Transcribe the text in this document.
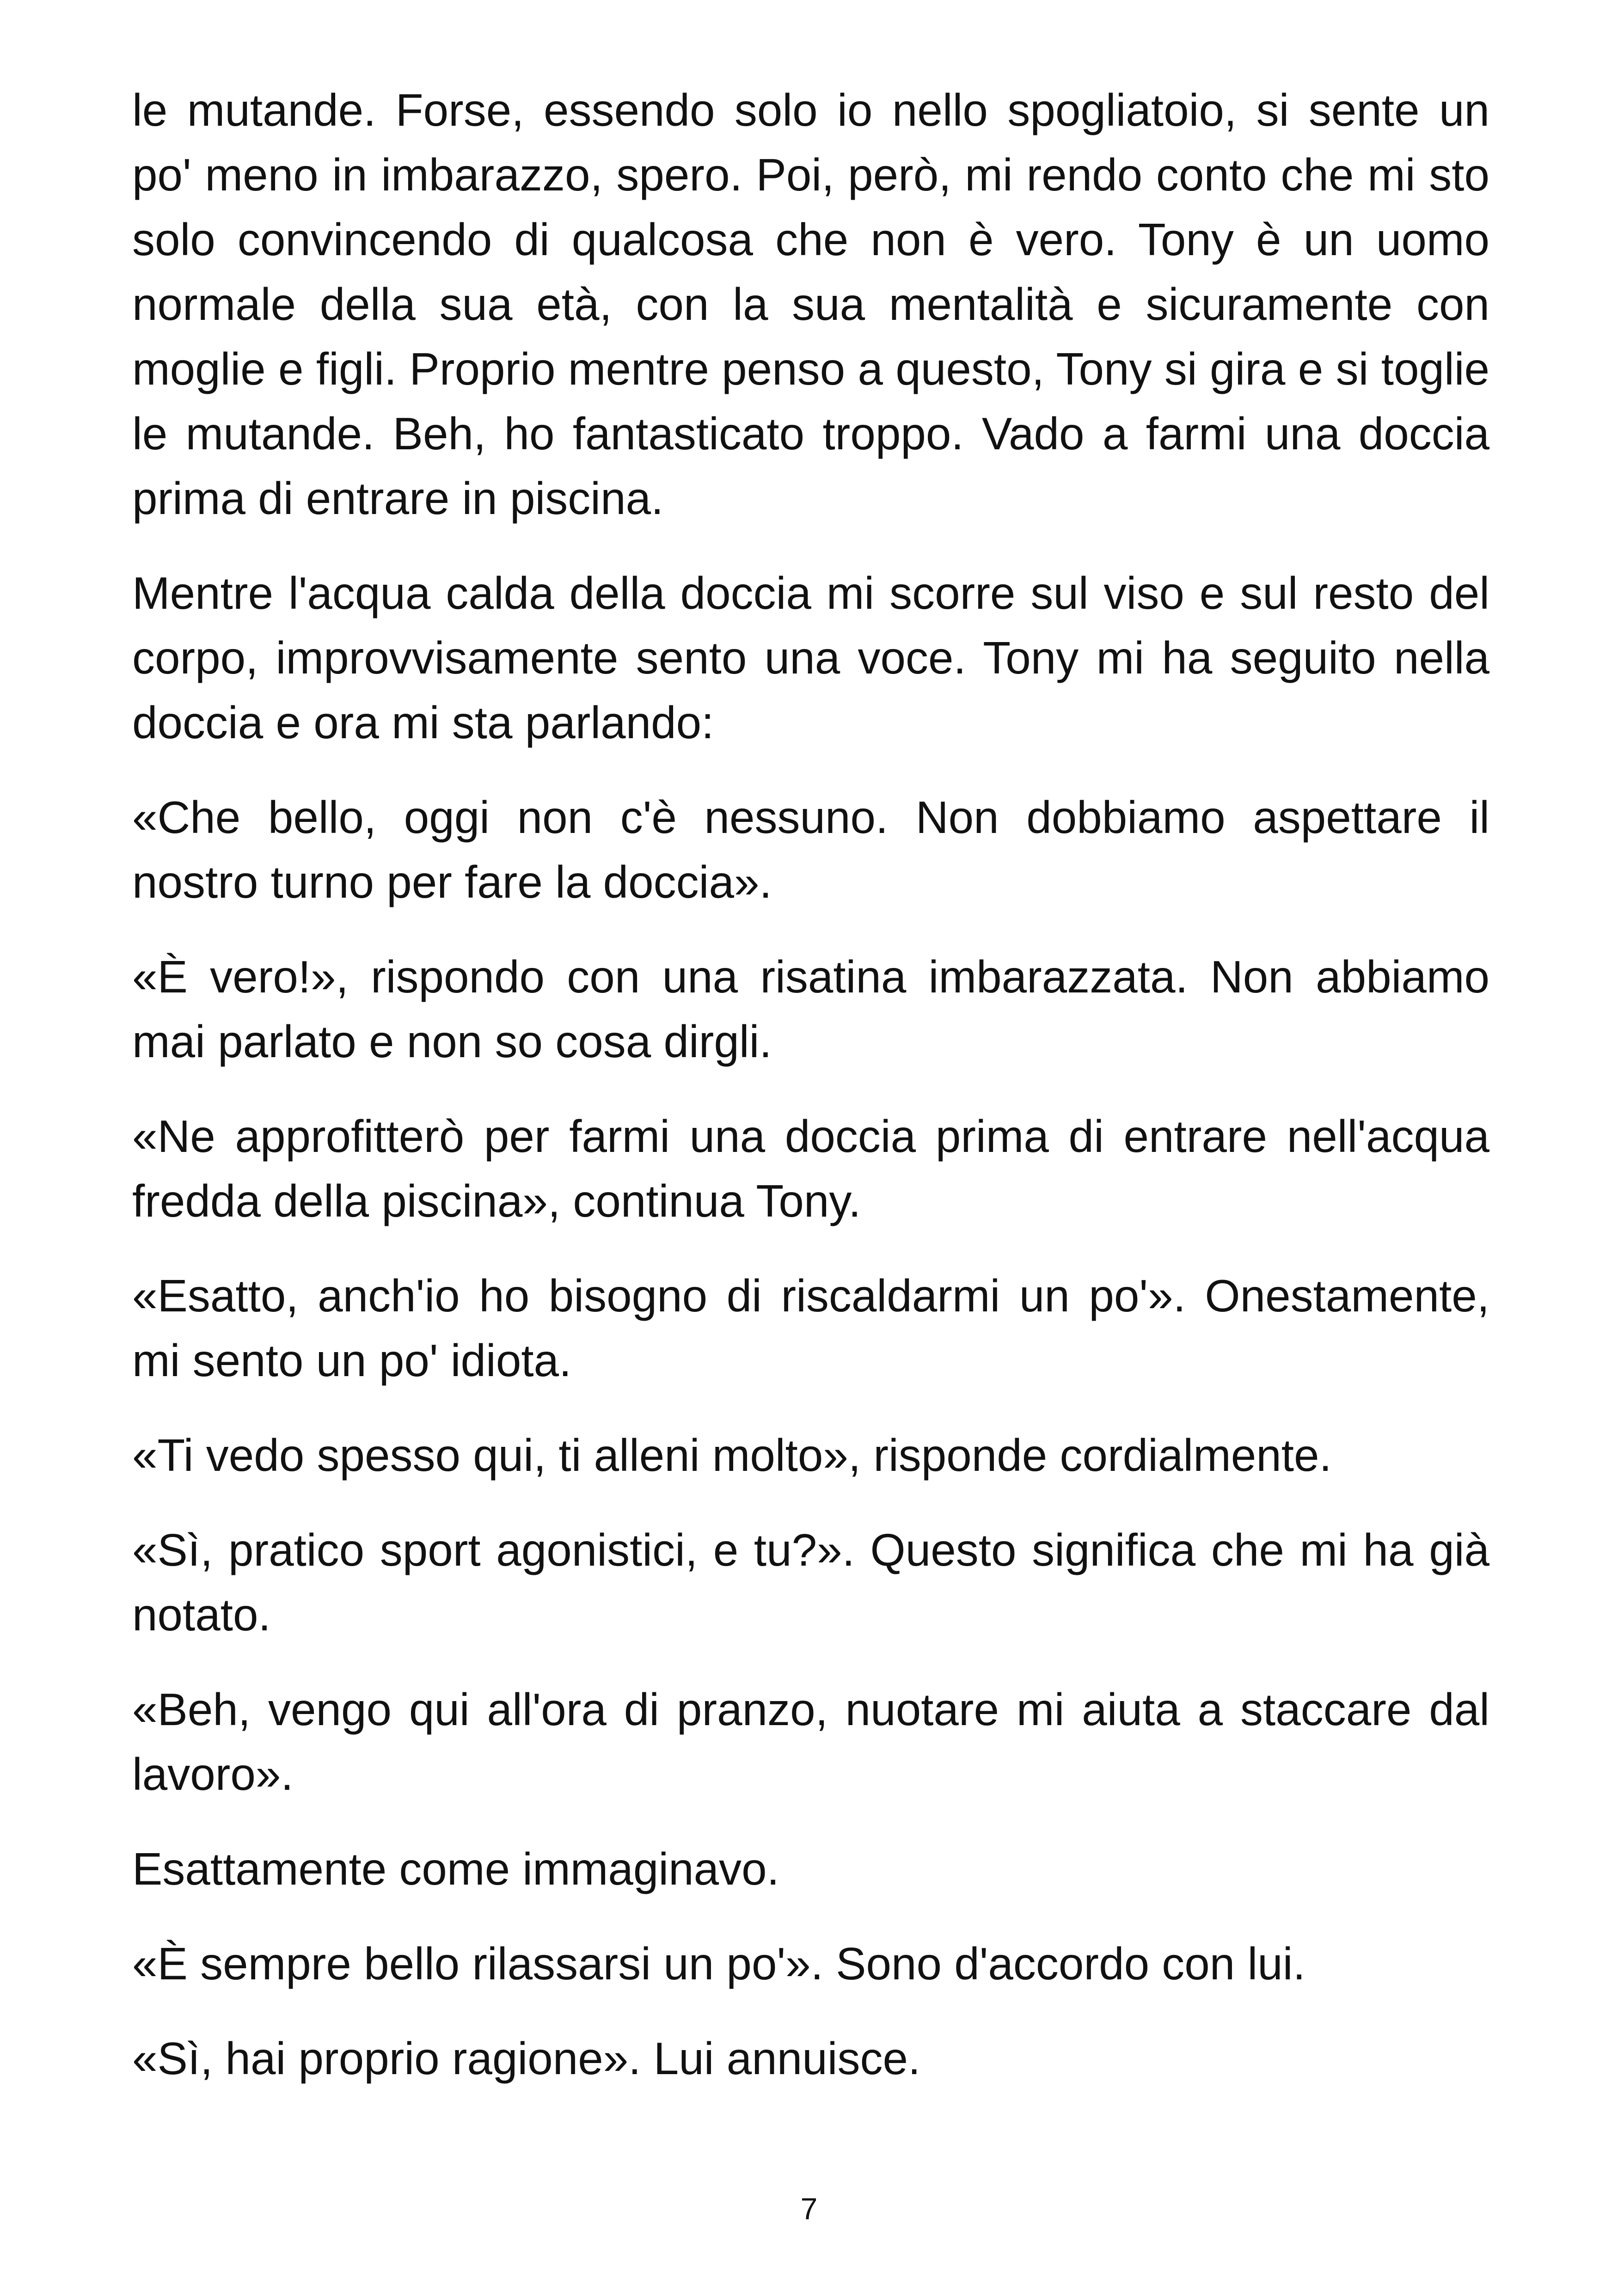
le mutande. Forse, essendo solo io nello spogliatoio, si sente un po' meno in imbarazzo, spero. Poi, però, mi rendo conto che mi sto solo convincendo di qualcosa che non è vero. Tony è un uomo normale della sua età, con la sua mentalità e sicuramente con moglie e figli. Proprio mentre penso a questo, Tony si gira e si toglie le mutande. Beh, ho fantasticato troppo. Vado a farmi una doccia prima di entrare in piscina.

Mentre l'acqua calda della doccia mi scorre sul viso e sul resto del corpo, improvvisamente sento una voce. Tony mi ha seguito nella doccia e ora mi sta parlando:

«Che bello, oggi non c'è nessuno. Non dobbiamo aspettare il nostro turno per fare la doccia».

«È vero!», rispondo con una risatina imbarazzata. Non abbiamo mai parlato e non so cosa dirgli.

«Ne approfitterò per farmi una doccia prima di entrare nell'acqua fredda della piscina», continua Tony.

«Esatto, anch'io ho bisogno di riscaldarmi un po'». Onestamente, mi sento un po' idiota.

«Ti vedo spesso qui, ti alleni molto», risponde cordialmente.

«Sì, pratico sport agonistici, e tu?». Questo significa che mi ha già notato.

«Beh, vengo qui all'ora di pranzo, nuotare mi aiuta a staccare dal lavoro».

Esattamente come immaginavo.

«È sempre bello rilassarsi un po'». Sono d'accordo con lui.

«Sì, hai proprio ragione». Lui annuisce.

7
